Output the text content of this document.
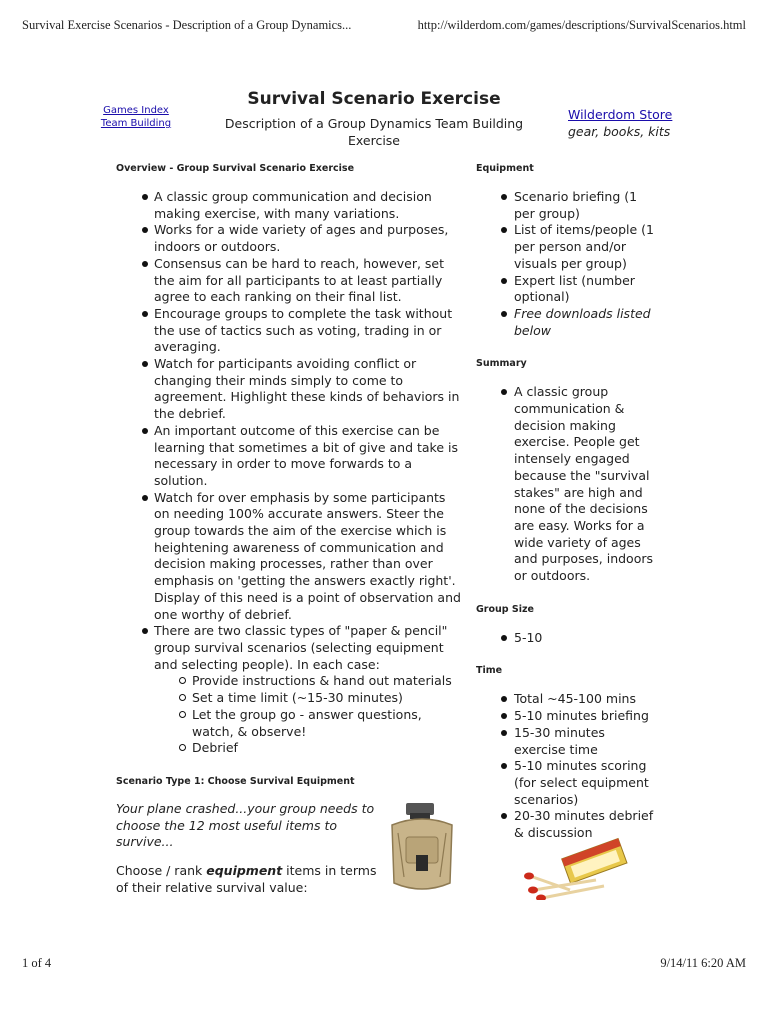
Survival Exercise Scenarios - Description of a Group Dynamics...	http://wilderdom.com/games/descriptions/SurvivalScenarios.html
Games Index
Team Building
Survival Scenario Exercise
Description of a Group Dynamics Team Building Exercise
Wilderdom Store
gear, books, kits
Overview - Group Survival Scenario Exercise
A classic group communication and decision making exercise, with many variations.
Works for a wide variety of ages and purposes, indoors or outdoors.
Consensus can be hard to reach, however, set the aim for all participants to at least partially agree to each ranking on their final list.
Encourage groups to complete the task without the use of tactics such as voting, trading in or averaging.
Watch for participants avoiding conflict or changing their minds simply to come to agreement. Highlight these kinds of behaviors in the debrief.
An important outcome of this exercise can be learning that sometimes a bit of give and take is necessary in order to move forwards to a solution.
Watch for over emphasis by some participants on needing 100% accurate answers. Steer the group towards the aim of the exercise which is heightening awareness of communication and decision making processes, rather than over emphasis on 'getting the answers exactly right'. Display of this need is a point of observation and one worthy of debrief.
There are two classic types of "paper & pencil" group survival scenarios (selecting equipment and selecting people). In each case:
Provide instructions & hand out materials
Set a time limit (~15-30 minutes)
Let the group go - answer questions, watch, & observe!
Debrief
Scenario Type 1: Choose Survival Equipment

Your plane crashed...your group needs to choose the 12 most useful items to survive...

Choose / rank equipment items in terms of their relative survival value:

Equipment
Scenario briefing (1 per group)
List of items/people (1 per person and/or visuals per group)
Expert list (number optional)
Free downloads listed below
Summary
A classic group communication & decision making exercise. People get intensely engaged because the "survival stakes" are high and none of the decisions are easy. Works for a wide variety of ages and purposes, indoors or outdoors.
Group Size
5-10
Time
Total ~45-100 mins
5-10 minutes briefing
15-30 minutes exercise time
5-10 minutes scoring (for select equipment scenarios)
20-30 minutes debrief & discussion
1 of 4	9/14/11 6:20 AM
